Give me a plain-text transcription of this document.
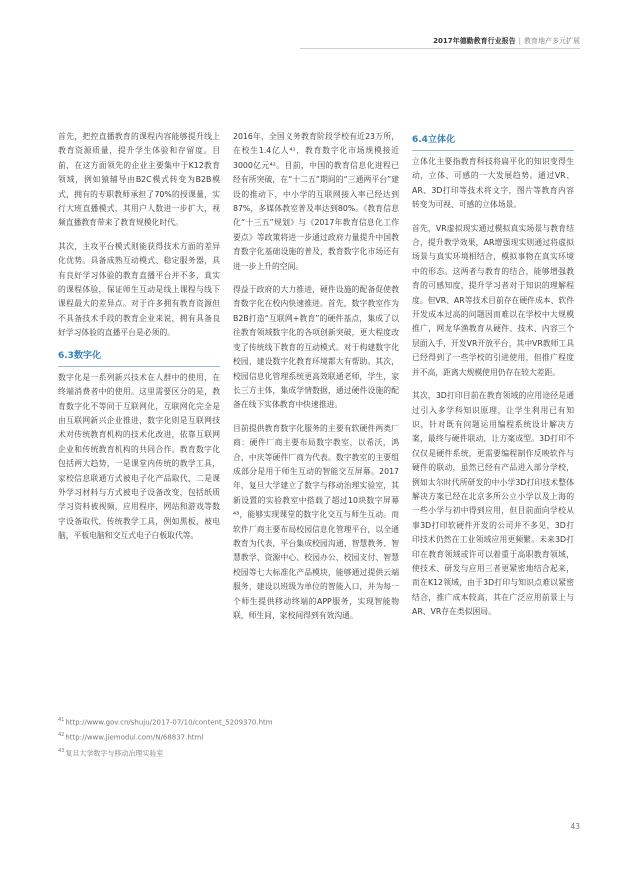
2017年德勤教育行业报告 | 教育地产多元扩展

首先，把控直播教育的课程内容能够提升线上教育资源质量，提升学生体验和存留度。目前，在这方面领先的企业主要集中于K12教育领域，例如猿辅导由B2C模式转变为B2B模式，拥有的专职教师承担了70%的授课量，实行大班直播模式，其用户人数进一步扩大，视频直播教育带来了教育规模化时代。

其次，主攻平台模式则能获得技术方面的差异化优势。具备成熟互动模式、稳定服务器，具有良好学习体验的教育直播平台并不多，真实的课程体验，保证师生互动是线上课程与线下课程最大的差异点。对于许多拥有教育资源但不具备技术手段的教育企业来说，拥有具备良好学习体验的直播平台是必须的。

6.3数字化

数字化是一系列新兴技术在人群中的使用，在终端消费者中的使用。这里需要区分的是，教育数字化不等同于互联网化，互联网化完全是由互联网新兴企业推进，数字化则是互联网技术对传统教育机构的技术化改进，依靠互联网企业和传统教育机构的共同合作。教育数字化包括两大趋势，一是课堂内传统的教学工具，家校信息联通方式被电子化产品取代，二是课外学习材料与方式被电子设备改变，包括纸质学习资料被视频，应用程序，网站和游戏等数字设备取代，传统教学工具，例如黑板，被电脑，平板电脑和交互式电子白板取代等。

2016年，全国义务教育阶段学校有近23万所，在校生1.4亿人⁴¹，教育数字化市场规模接近3000亿元⁴²。目前，中国的教育信息化进程已经有所突破，在“十二五”期间的“三通两平台”建设的推动下，中小学的互联网接入率已经达到87%，多媒体教室普及率达到80%。《教育信息化“十三五”规划》与《2017年教育信息化工作要点》等政策将进一步通过政府力量提升中国教育数字化基础设施的普及，教育数字化市场还有进一步上升的空间。

得益于政府的大力推进，硬件设施的配备促使教育数字化在校内快速推进。首先，数字教室作为B2B打造“互联网+教育”的硬件基点，集成了以往教育领域数字化的各项创新突破，更大程度改变了传统线下教育的互动模式。对于构建数字化校园，建设数字化教育环境都大有帮助。其次，校园信息化管理系统更高效联通老师，学生，家长三方主体，集成学情数据，通过硬件设施的配备在线下实体教育中快速推进。

目前提供教育数字化服务的主要有软硬件两类厂商：硬件厂商主要布局数字教室，以希沃，鸿合，中庆等硬件厂商为代表。数字教室的主要组成部分是用于师生互动的智能交互屏幕。2017年，复旦大学建立了数字与移动治理实验室，其新设置的实验教室中搭载了超过10块数字屏幕⁴³，能够实现课堂的数字化交互与师生互动。而软件厂商主要布局校园信息化管理平台，以全通教育为代表，平台集成校园沟通、智慧教务、智慧教学、资源中心、校园办公、校园支付、智慧校园等七大标准化产品模块，能够通过提供云端服务，建设以班级为单位的智能入口，并为每一个师生提供移动终端的APP服务，实现智能物联，师生间，家校间得到有效沟通。

6.4立体化

立体化主要指教育科技将扁平化的知识变得生动，立体、可感的一大发展趋势。通过VR、AR、3D打印等技术将文字，图片等教育内容转变为可视、可感的立体场景。

首先，VR虚拟现实通过模拟真实场景与教育结合，提升教学效果，AR增强现实则通过将虚拟场景与真实环境相结合，模拟事物在真实环境中的形态。这两者与教育的结合，能够增强教育的可感知度，提升学习者对于知识的理解程度。但VR、AR等技术目前存在硬件成本、软件开发成本过高的问题因而难以在学校中大规模推广，网龙华渔教育从硬件、技术、内容三个层面入手，开发VR开放平台，其中VR教师工具已经得到了一些学校的引进使用，但推广程度并不高，距离大规模使用仍存在较大差距。

其次，3D打印目前在教育领域的应用途径是通过引入多学科知识原理，让学生利用已有知识，针对既有问题运用编程系统设计解决方案，最终与硬件联动，让方案成型。3D打印不仅仅是硬件系统，更需要编程制作反映软件与硬件的联动，虽然已经有产品进入部分学校，例如太尔时代所研发的中小学3D打印技术整体解决方案已经在北京多所公立小学以及上海的一些小学与初中得到应用，但目前面向学校从事3D打印软硬件开发的公司并不多见，3D打印技术仍然在工业领域应用更频繁。未来3D打印在教育领域或许可以着重于高职教育领域，使技术、研发与应用三者更紧密地结合起来，而在K12领域，由于3D打印与知识点难以紧密结合，推广成本较高，其在广泛应用前景上与AR、VR存在类似困局。

$^{41}$http://www.gov.cn/shuju/2017-07/10/content_5209370.htm
$^{42}$http://www.jiemodui.com/N/68837.html
$^{43}$复旦大学数字与移动治理实验室
43
